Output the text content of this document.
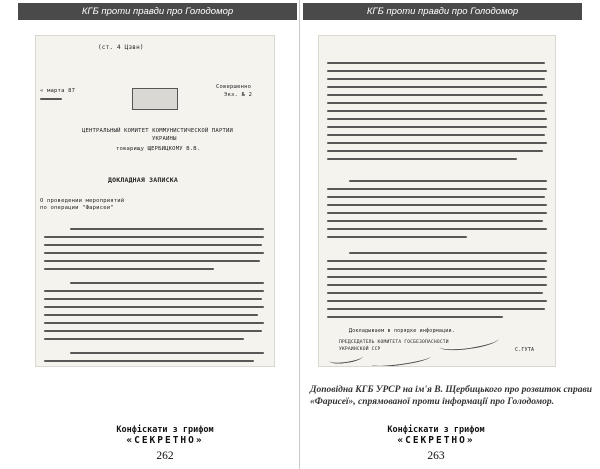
КГБ проти правди про Голодомор
(ст. 4 Цзвн)
« марта 87
Совершенно
Экз. № 2
ЦЕНТРАЛЬНЫЙ КОМИТЕТ КОММУНИСТИЧЕСКОЙ ПАРТИИ
УКРАИНЫ
товарищу ЩЕРБИЦКОМУ В.В.
ДОКЛАДНАЯ ЗАПИСКА
О проведении мероприятий
по операции "Фарисеи"
Конфіскати з грифом
«СЕКРЕТНО»
262
КГБ проти правди про Голодомор
Докладываем в порядке информации.
ПРЕДСЕДАТЕЛЬ КОМИТЕТА ГОСБЕЗОПАСНОСТИ
УКРАИНСКОЙ ССР	С.ГУТА
Доповідна КГБ УРСР на ім'я В. Щербицького про розвиток справи «Фарисеї», спрямованої проти інформації про Голодомор.
Конфіскати з грифом
«СЕКРЕТНО»
263
